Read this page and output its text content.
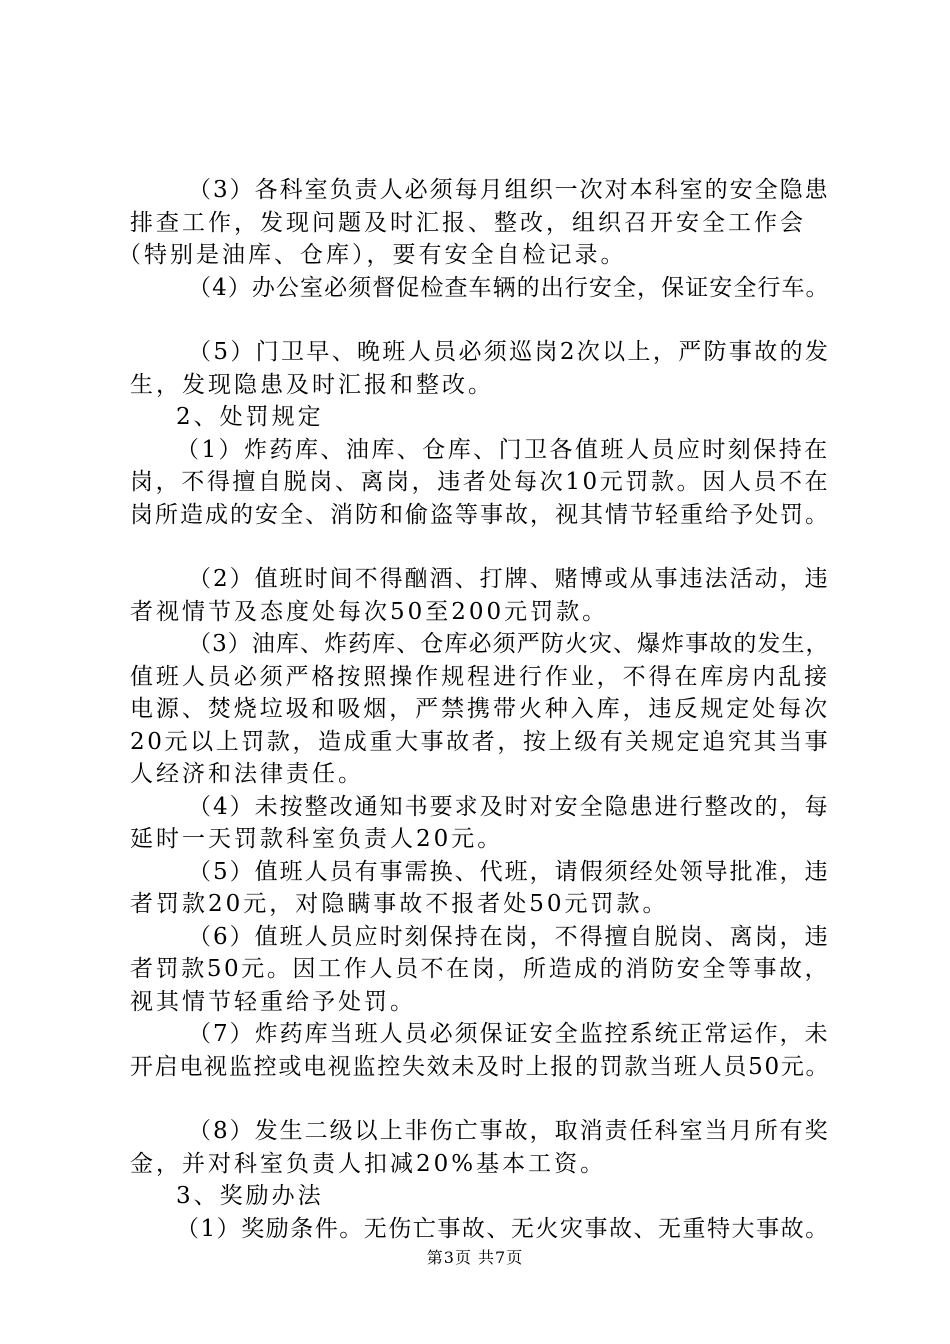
（3）各科室负责人必须每月组织一次对本科室的安全隐患
排查工作，发现问题及时汇报、整改，组织召开安全工作会
（特别是油库、仓库），要有安全自检记录。

（4）办公室必须督促检查车辆的出行安全，保证安全行车。

（5）门卫早、晚班人员必须巡岗2次以上，严防事故的发
生，发现隐患及时汇报和整改。

2、处罚规定

（1）炸药库、油库、仓库、门卫各值班人员应时刻保持在
岗，不得擅自脱岗、离岗，违者处每次10元罚款。因人员不在
岗所造成的安全、消防和偷盗等事故，视其情节轻重给予处罚。

（2）值班时间不得酗酒、打牌、赌博或从事违法活动，违
者视情节及态度处每次50至200元罚款。

（3）油库、炸药库、仓库必须严防火灾、爆炸事故的发生，
值班人员必须严格按照操作规程进行作业，不得在库房内乱接
电源、焚烧垃圾和吸烟，严禁携带火种入库，违反规定处每次
20元以上罚款，造成重大事故者，按上级有关规定追究其当事
人经济和法律责任。

（4）未按整改通知书要求及时对安全隐患进行整改的，每
延时一天罚款科室负责人20元。

（5）值班人员有事需换、代班，请假须经处领导批准，违
者罚款20元，对隐瞒事故不报者处50元罚款。

（6）值班人员应时刻保持在岗，不得擅自脱岗、离岗，违
者罚款50元。因工作人员不在岗，所造成的消防安全等事故，
视其情节轻重给予处罚。

（7）炸药库当班人员必须保证安全监控系统正常运作，未
开启电视监控或电视监控失效未及时上报的罚款当班人员50元。

（8）发生二级以上非伤亡事故，取消责任科室当月所有奖
金，并对科室负责人扣减20%基本工资。

3、奖励办法

（1）奖励条件。无伤亡事故、无火灾事故、无重特大事故。

第3页 共7页
